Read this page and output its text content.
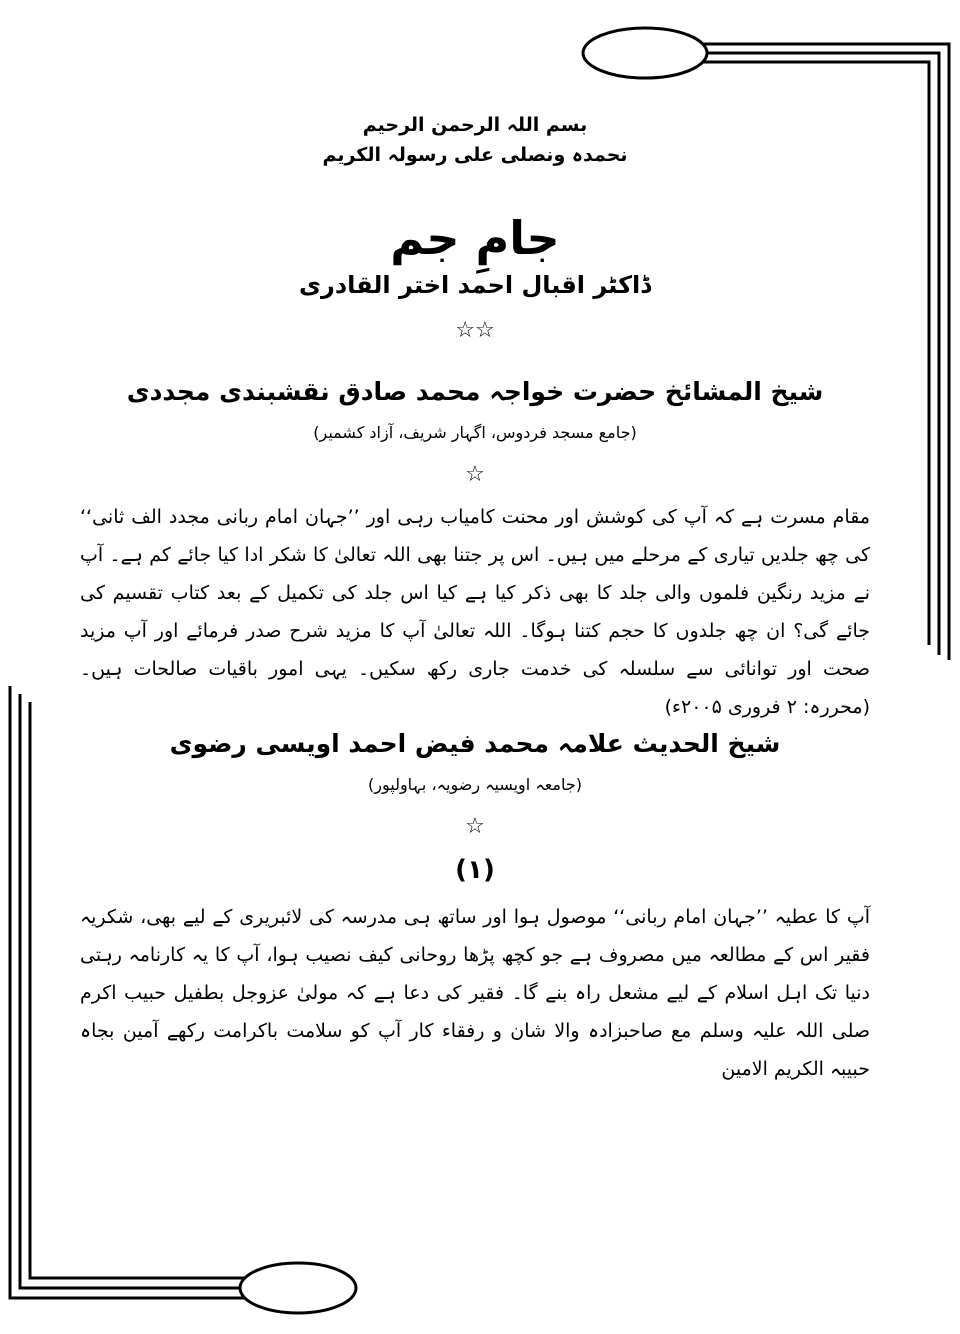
بسم اللہ الرحمن الرحیم
نحمدہ ونصلی علی رسولہ الکریم
جامِ جم
ڈاکٹر اقبال احمد اختر القادری
☆☆
شیخ المشائخ حضرت خواجہ محمد صادق نقشبندی مجددی
(جامع مسجد فردوس، اگہار شریف، آزاد کشمیر)
☆

مقام مسرت ہے کہ آپ کی کوشش اور محنت کامیاب رہی اور ’’جہان امام ربانی مجدد الف ثانی‘‘ کی چھ جلدیں تیاری کے مرحلے میں ہیں۔ اس پر جتنا بھی اللہ تعالیٰ کا شکر ادا کیا جائے کم ہے۔ آپ نے مزید رنگین فلموں والی جلد کا بھی ذکر کیا ہے کیا اس جلد کی تکمیل کے بعد کتاب تقسیم کی جائے گی؟ ان چھ جلدوں کا حجم کتنا ہوگا۔ اللہ تعالیٰ آپ کا مزید شرح صدر فرمائے اور آپ مزید صحت اور توانائی سے سلسلہ کی خدمت جاری رکھ سکیں۔ یہی امور باقیات صالحات ہیں۔ (محررہ: ۲ فروری ۲۰۰۵ء)

شیخ الحدیث علامہ محمد فیض احمد اویسی رضوی
(جامعہ اویسیہ رضویہ، بہاولپور)
☆
(۱)

آپ کا عطیہ ’’جہان امام ربانی‘‘ موصول ہوا اور ساتھ ہی مدرسہ کی لائبریری کے لیے بھی، شکریہ فقیر اس کے مطالعہ میں مصروف ہے جو کچھ پڑھا روحانی کیف نصیب ہوا، آپ کا یہ کارنامہ رہتی دنیا تک اہل اسلام کے لیے مشعل راہ بنے گا۔ فقیر کی دعا ہے کہ مولیٰ عزوجل بطفیل حبیب اکرم صلی اللہ علیہ وسلم مع صاحبزادہ والا شان و رفقاء کار آپ کو سلامت باکرامت رکھے آمین بجاہ حبیبہ الکریم الامین
